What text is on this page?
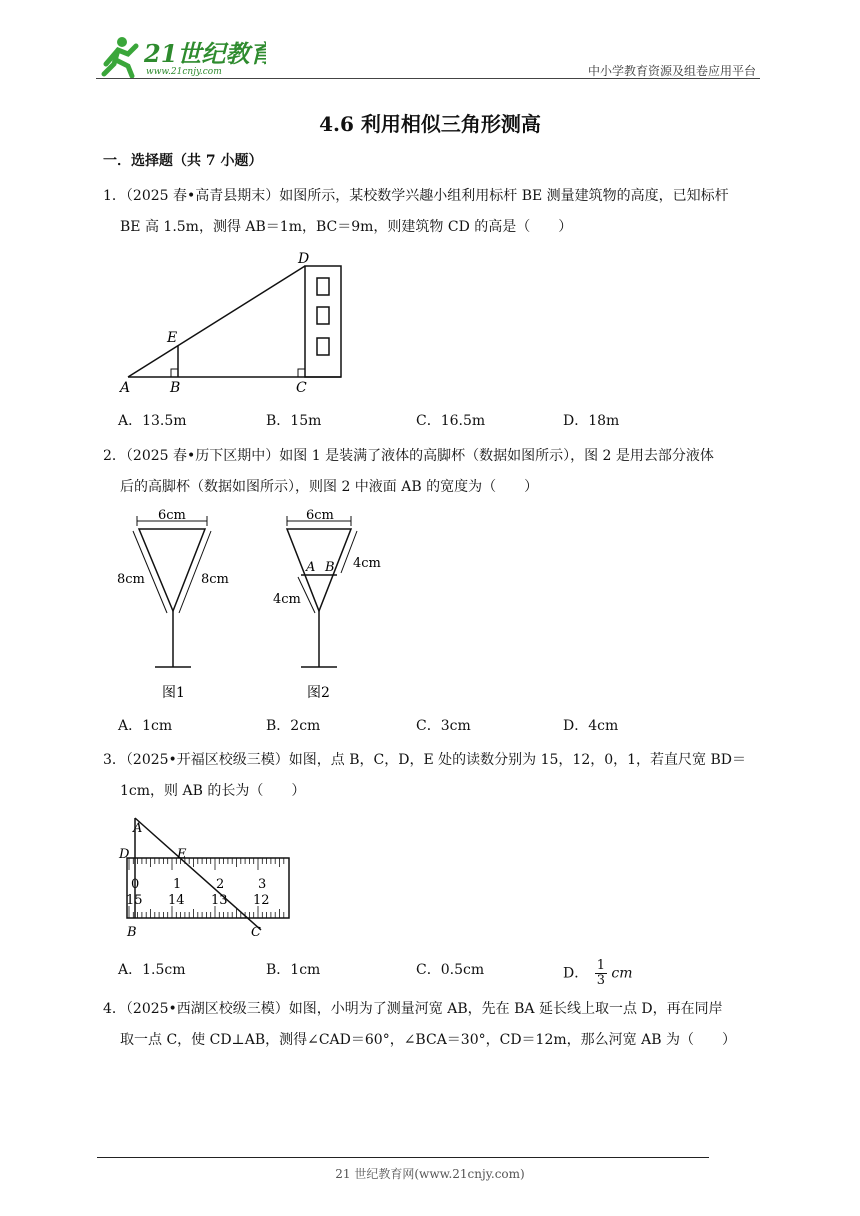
21世纪教育
www.21cnjy.com	中小学教育资源及组卷应用平台
4.6 利用相似三角形测高
一．选择题（共 7 小题）
1．（2025 春•高青县期末）如图所示，某校数学兴趣小组利用标杆 BE 测量建筑物的高度，已知标杆
BE 高 1.5m，测得 AB＝1m，BC＝9m，则建筑物 CD 的高是（　　）
A	B	C
D
E
A．13.5m	B．15m	C．16.5m	D．18m
2．（2025 春•历下区期中）如图 1 是装满了液体的高脚杯（数据如图所示），图 2 是用去部分液体
后的高脚杯（数据如图所示），则图 2 中液面 AB 的宽度为（　　）
6cm
8cm	8cm
图1
6cm
A B 4cm
4cm
图2
A．1cm	B．2cm	C．3cm	D．4cm
3．（2025•开福区校级三模）如图，点 B，C，D，E 处的读数分别为 15，12，0，1，若直尺宽 BD＝
1cm，则 AB 的长为（　　）
A
D	E
B	C
0	1	2	3
15 14 13 12
A．1.5cm	B．1cm	C．0.5cm	D． $\frac{1}{3}$ cm
4．（2025•西湖区校级三模）如图，小明为了测量河宽 AB，先在 BA 延长线上取一点 D，再在同岸
取一点 C，使 CD⊥AB，测得∠CAD＝60°，∠BCA＝30°，CD＝12m，那么河宽 AB 为（　　）
21 世纪教育网(www.21cnjy.com)
